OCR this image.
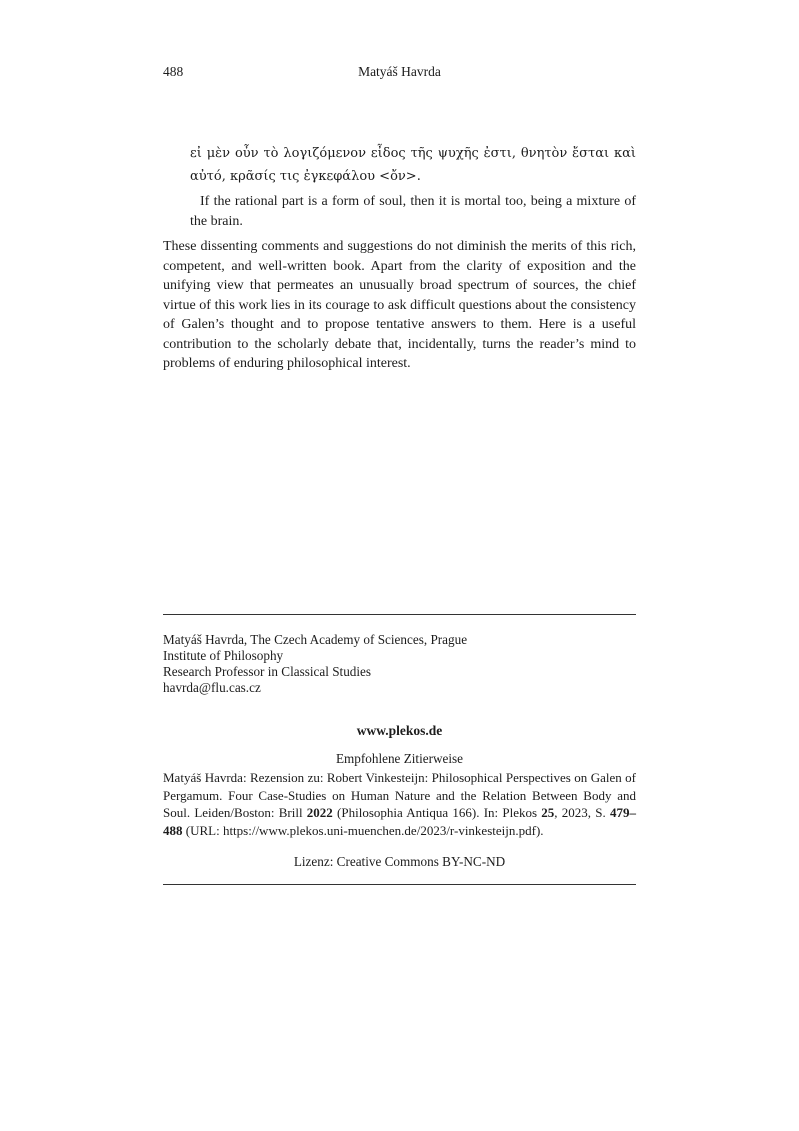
488	Matyáš Havrda

εἰ μὲν οὖν τὸ λογιζόμενον εἶδος τῆς ψυχῆς ἐστι, θνητὸν ἔσται καὶ αὐτό, κρᾶσίς τις ἐγκεφάλου <ὄν>.

If the rational part is a form of soul, then it is mortal too, being a mixture of the brain.

These dissenting comments and suggestions do not diminish the merits of this rich, competent, and well-written book. Apart from the clarity of exposition and the unifying view that permeates an unusually broad spectrum of sources, the chief virtue of this work lies in its courage to ask difficult questions about the consistency of Galen’s thought and to propose tentative answers to them. Here is a useful contribution to the scholarly debate that, incidentally, turns the reader’s mind to problems of enduring philosophical interest.

Matyáš Havrda, The Czech Academy of Sciences, Prague
Institute of Philosophy
Research Professor in Classical Studies
havrda@flu.cas.cz
www.plekos.de
Empfohlene Zitierweise

Matyáš Havrda: Rezension zu: Robert Vinkesteijn: Philosophical Perspectives on Galen of Pergamum. Four Case-Studies on Human Nature and the Relation Between Body and Soul. Leiden/Boston: Brill 2022 (Philosophia Antiqua 166). In: Plekos 25, 2023, S. 479–488 (URL: https://www.plekos.uni-muenchen.de/2023/r-vinkesteijn.pdf).

Lizenz: Creative Commons BY-NC-ND
